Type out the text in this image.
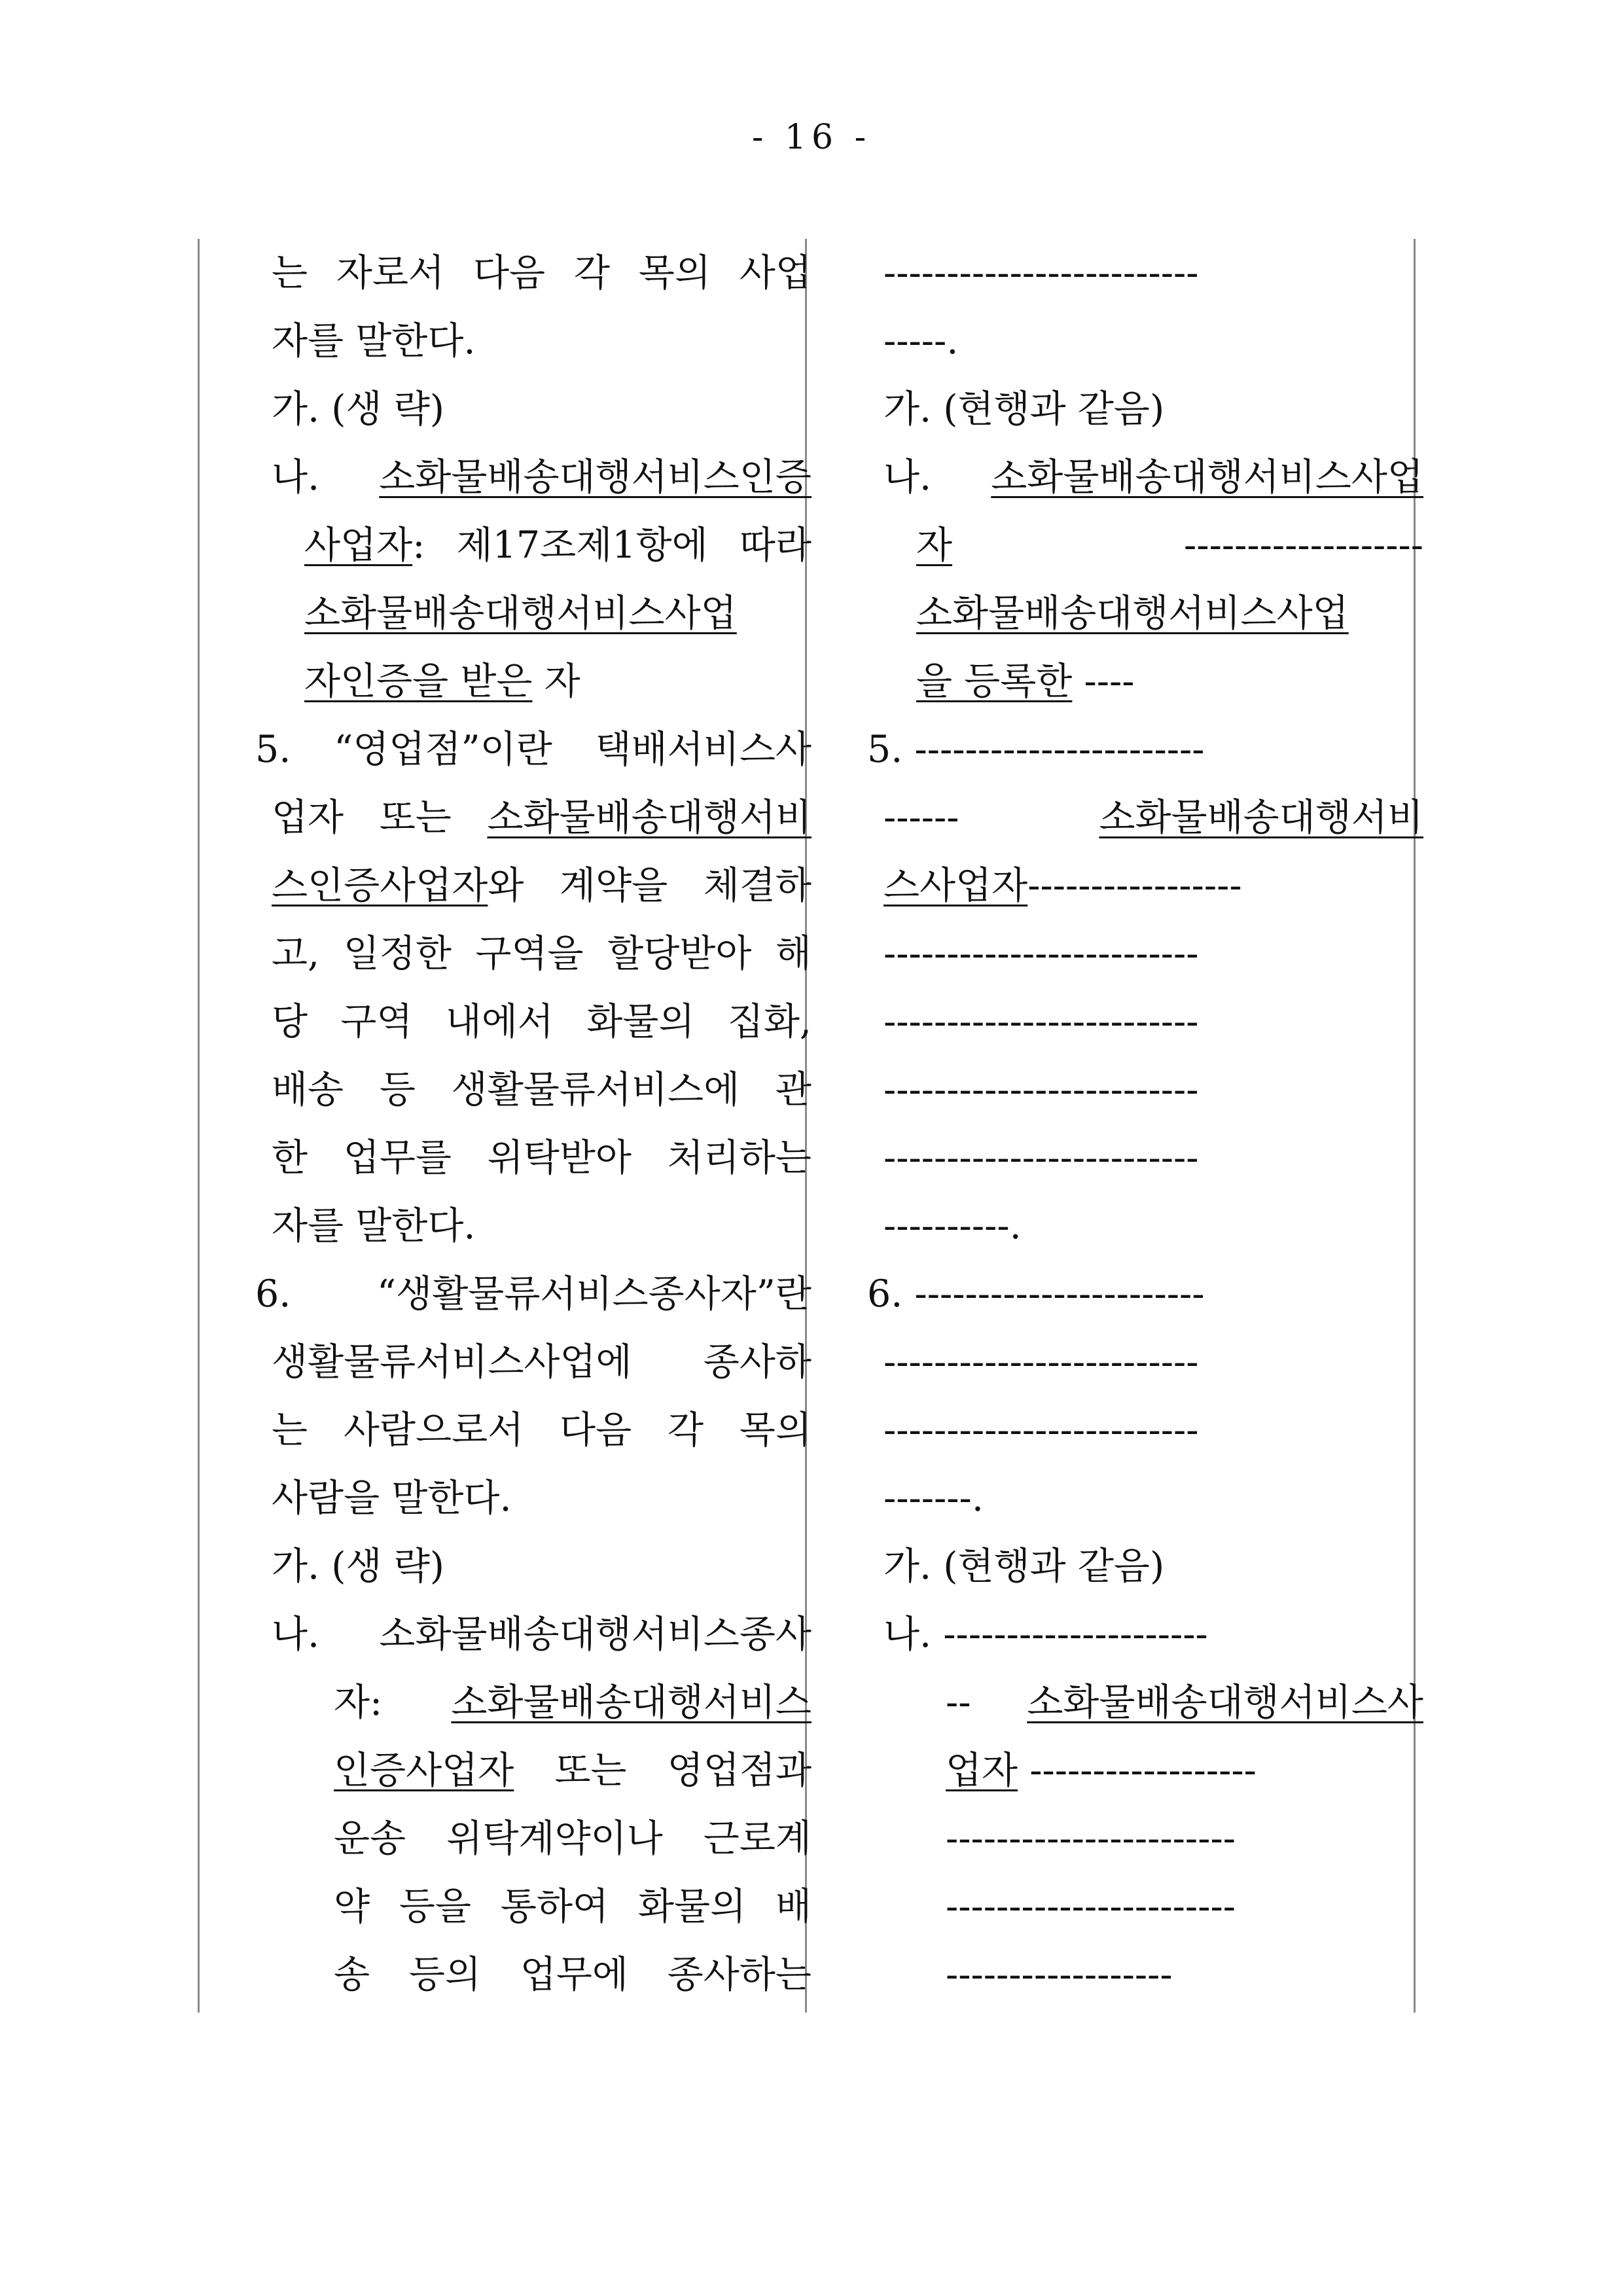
- 16 -
는 자로서 다음 각 목의 사업
자를 말한다.
가. (생 략)
나. 소화물배송대행서비스인증
사업자: 제17조제1항에 따라
소화물배송대행서비스사업
자인증을 받은 자
5. “영업점”이란 택배서비스사
업자 또는 소화물배송대행서비
스인증사업자와 계약을 체결하
고, 일정한 구역을 할당받아 해
당 구역 내에서 화물의 집화,
배송 등 생활물류서비스에 관
한 업무를 위탁받아 처리하는
자를 말한다.
6. “생활물류서비스종사자”란
생활물류서비스사업에 종사하
는 사람으로서 다음 각 목의
사람을 말한다.
가. (생 략)
나. 소화물배송대행서비스종사
자: 소화물배송대행서비스
인증사업자 또는 영업점과
운송 위탁계약이나 근로계
약 등을 통하여 화물의 배
송 등의 업무에 종사하는
-------------------------
-----.
가. (현행과 같음)
나. 소화물배송대행서비스사업
자 -------------------
소화물배송대행서비스사업
을 등록한 ----
5. -----------------------
------ 소화물배송대행서비
스사업자-----------------
-------------------------
-------------------------
-------------------------
-------------------------
----------.
6. -----------------------
-------------------------
-------------------------
-------.
가. (현행과 같음)
나. ---------------------
-- 소화물배송대행서비스사
업자 ------------------
-----------------------
-----------------------
------------------
